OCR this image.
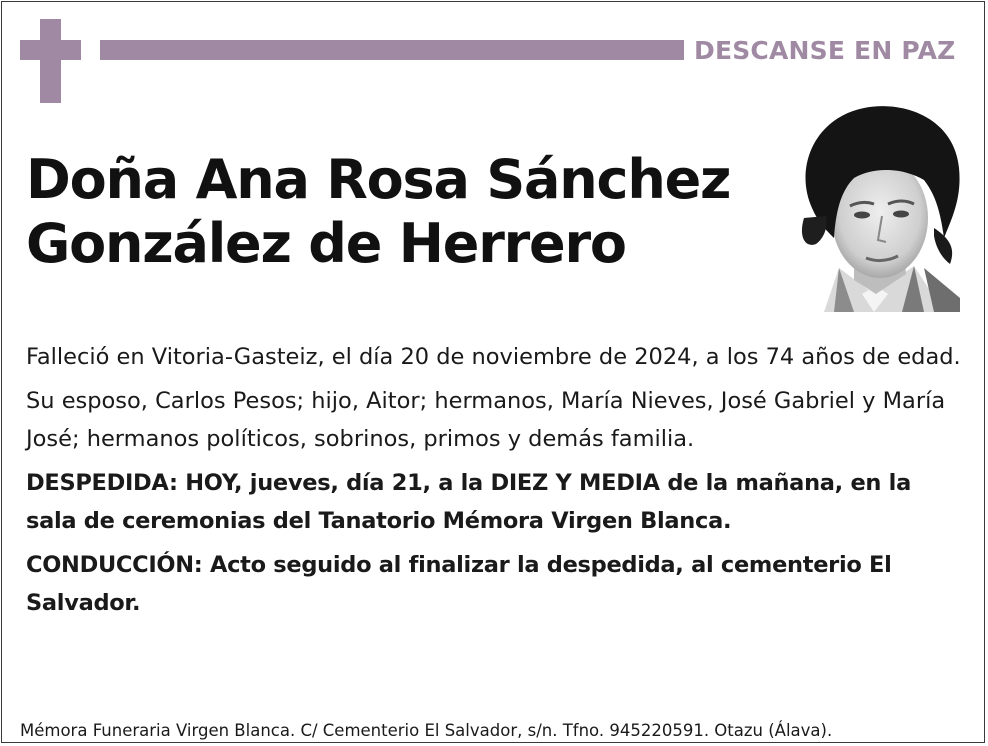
DESCANSE EN PAZ
Doña Ana Rosa Sánchez
González de Herrero

Falleció en Vitoria-Gasteiz, el día 20 de noviembre de 2024, a los 74 años de edad.

Su esposo, Carlos Pesos; hijo, Aitor; hermanos, María Nieves, José Gabriel y María José; hermanos políticos, sobrinos, primos y demás familia.

DESPEDIDA: HOY, jueves, día 21, a la DIEZ Y MEDIA de la mañana, en la sala de ceremonias del Tanatorio Mémora Virgen Blanca.

CONDUCCIÓN: Acto seguido al finalizar la despedida, al cementerio El Salvador.

Mémora Funeraria Virgen Blanca. C/ Cementerio El Salvador, s/n. Tfno. 945220591. Otazu (Álava).
